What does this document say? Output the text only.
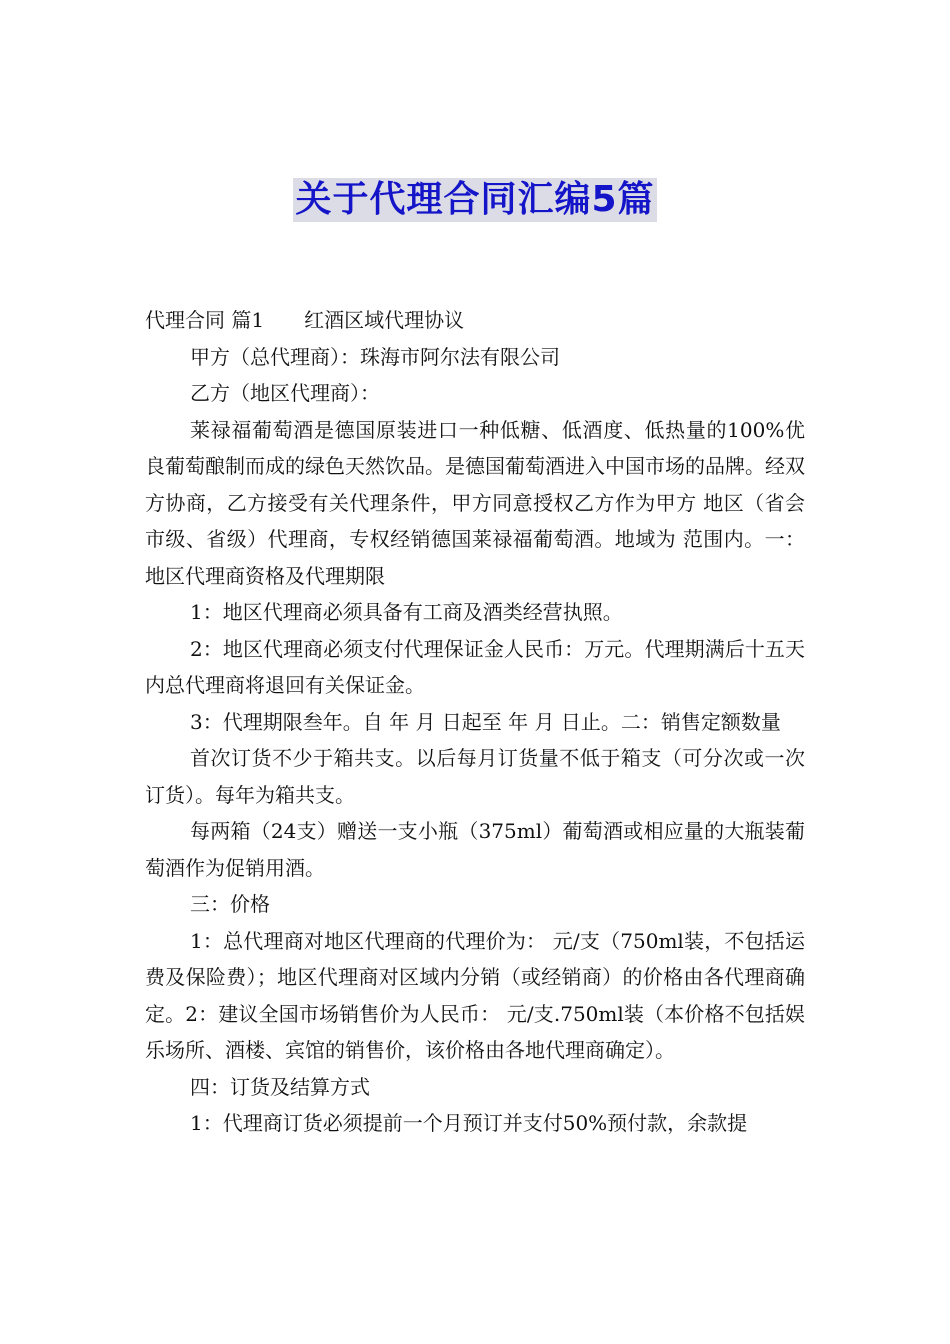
关于代理合同汇编5篇

代理合同 篇1　　红酒区域代理协议

甲方（总代理商）：珠海市阿尔法有限公司

乙方（地区代理商）：

莱禄福葡萄酒是德国原装进口一种低糖、低酒度、低热量的100%优良葡萄酿制而成的绿色天然饮品。是德国葡萄酒进入中国市场的品牌。经双方协商，乙方接受有关代理条件，甲方同意授权乙方作为甲方 地区（省会市级、省级）代理商，专权经销德国莱禄福葡萄酒。地域为 范围内。一：地区代理商资格及代理期限

1：地区代理商必须具备有工商及酒类经营执照。

2：地区代理商必须支付代理保证金人民币：万元。代理期满后十五天内总代理商将退回有关保证金。

3：代理期限叁年。自 年 月 日起至 年 月 日止。二：销售定额数量

首次订货不少于箱共支。以后每月订货量不低于箱支（可分次或一次订货）。每年为箱共支。

每两箱（24支）赠送一支小瓶（375ml）葡萄酒或相应量的大瓶装葡萄酒作为促销用酒。

三：价格

1：总代理商对地区代理商的代理价为： 元/支（750ml装，不包括运费及保险费）；地区代理商对区域内分销（或经销商）的价格由各代理商确定。2：建议全国市场销售价为人民币： 元/支.750ml装（本价格不包括娱乐场所、酒楼、宾馆的销售价，该价格由各地代理商确定）。

四：订货及结算方式

1：代理商订货必须提前一个月预订并支付50%预付款，余款提
